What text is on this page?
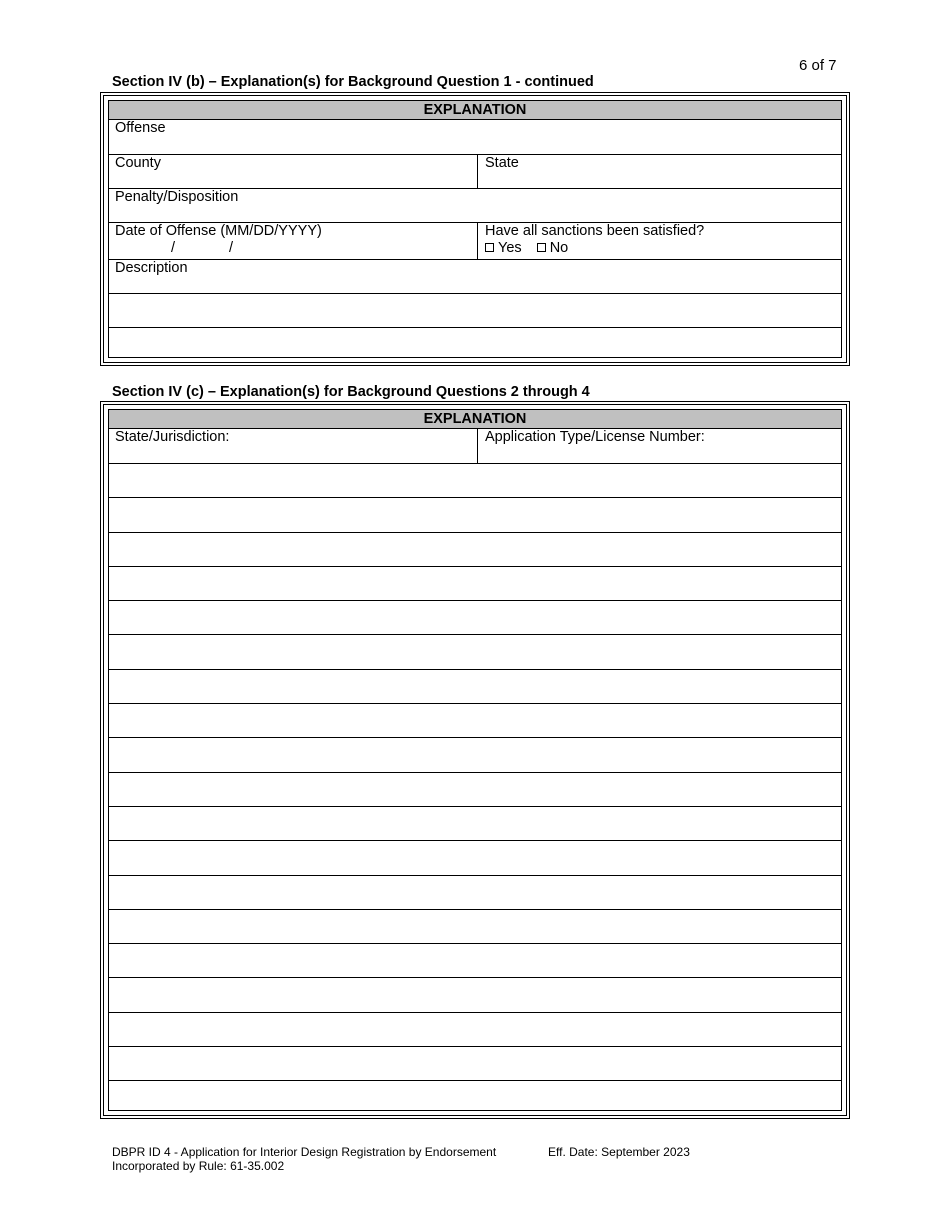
6 of 7
Section IV (b) – Explanation(s) for Background Question 1 - continued
EXPLANATION
Offense
County	State
Penalty/Disposition
Date of Offense (MM/DD/YYYY)
/ /
Have all sanctions been satisfied?
Yes No
Description
Section IV (c) – Explanation(s) for Background Questions 2 through 4
EXPLANATION
State/Jurisdiction:	Application Type/License Number:
DBPR ID 4 - Application for Interior Design Registration by Endorsement
Incorporated by Rule: 61-35.002
Eff. Date: September 2023
